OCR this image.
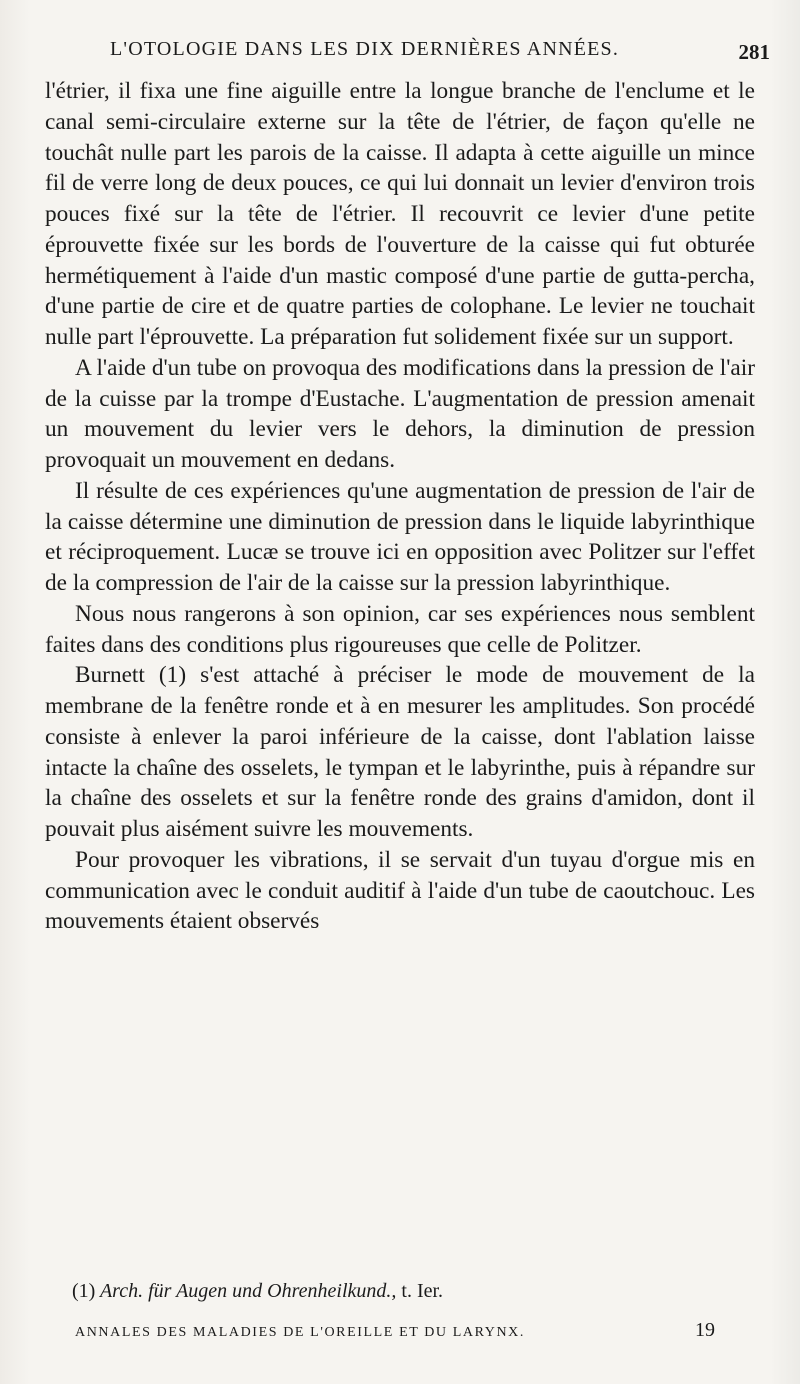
L'OTOLOGIE DANS LES DIX DERNIÈRES ANNÉES.	281

l'étrier, il fixa une fine aiguille entre la longue branche de l'enclume et le canal semi-circulaire externe sur la tête de l'étrier, de façon qu'elle ne touchât nulle part les parois de la caisse. Il adapta à cette aiguille un mince fil de verre long de deux pouces, ce qui lui donnait un levier d'environ trois pouces fixé sur la tête de l'étrier. Il recouvrit ce levier d'une petite éprouvette fixée sur les bords de l'ouverture de la caisse qui fut obturée hermétiquement à l'aide d'un mastic composé d'une partie de gutta-percha, d'une partie de cire et de quatre parties de colophane. Le levier ne touchait nulle part l'éprouvette. La préparation fut solidement fixée sur un support.

A l'aide d'un tube on provoqua des modifications dans la pression de l'air de la cuisse par la trompe d'Eustache. L'augmentation de pression amenait un mouvement du levier vers le dehors, la diminution de pression provoquait un mouvement en dedans.

Il résulte de ces expériences qu'une augmentation de pression de l'air de la caisse détermine une diminution de pression dans le liquide labyrinthique et réciproquement. Lucæ se trouve ici en opposition avec Politzer sur l'effet de la compression de l'air de la caisse sur la pression labyrinthique.

Nous nous rangerons à son opinion, car ses expériences nous semblent faites dans des conditions plus rigoureuses que celle de Politzer.

Burnett (1) s'est attaché à préciser le mode de mouvement de la membrane de la fenêtre ronde et à en mesurer les amplitudes. Son procédé consiste à enlever la paroi inférieure de la caisse, dont l'ablation laisse intacte la chaîne des osselets, le tympan et le labyrinthe, puis à répandre sur la chaîne des osselets et sur la fenêtre ronde des grains d'amidon, dont il pouvait plus aisément suivre les mouvements.

Pour provoquer les vibrations, il se servait d'un tuyau d'orgue mis en communication avec le conduit auditif à l'aide d'un tube de caoutchouc. Les mouvements étaient observés

(1) Arch. für Augen und Ohrenheilkund., t. Ier.
ANNALES DES MALADIES DE L'OREILLE ET DU LARYNX.	19
